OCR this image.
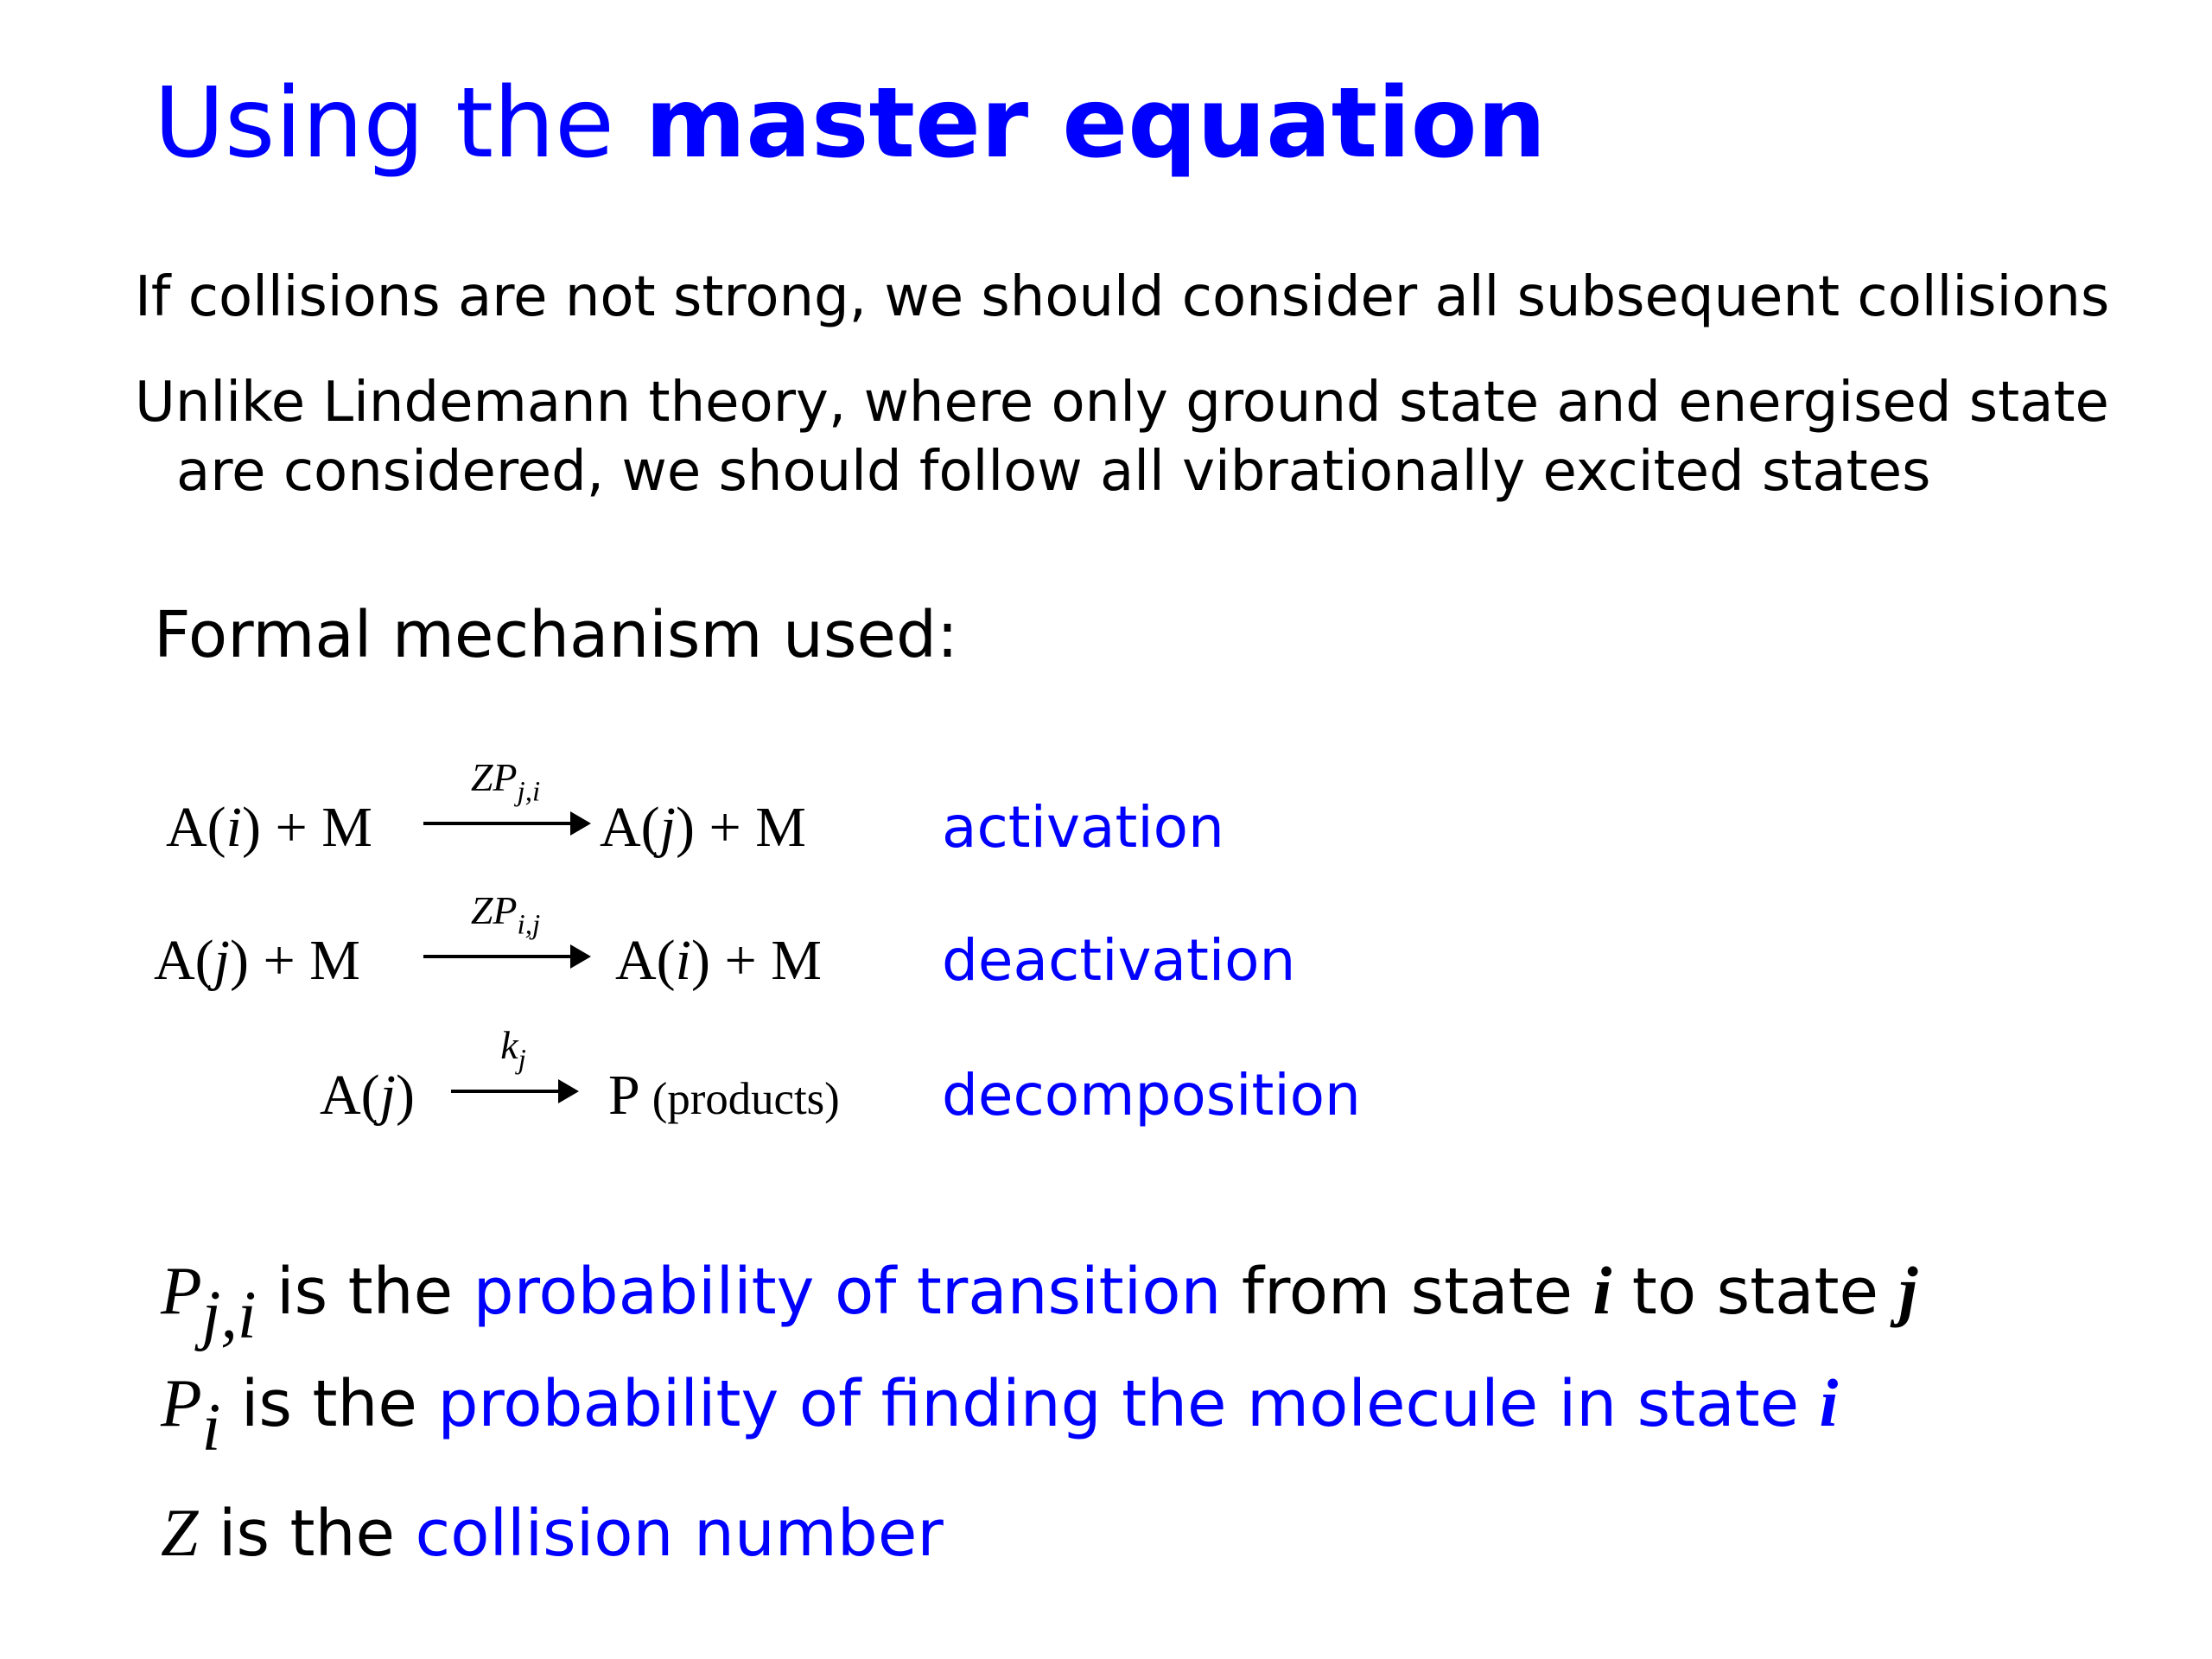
Using the master equation
If collisions are not strong, we should consider all subsequent collisions
Unlike Lindemann theory, where only ground state and energised state
are considered, we should follow all vibrationally excited states
Formal mechanism used:
A(i) + M
$ZP_{j,i}$
A(j) + M activation
A(j) + M
$ZP_{i,j}$
A(i) + M deactivation
A(j)
$k_j$
P (products) decomposition
Pj,i is the probability of transition from state i to state j
Pi is the probability of finding the molecule in state i
Z is the collision number
